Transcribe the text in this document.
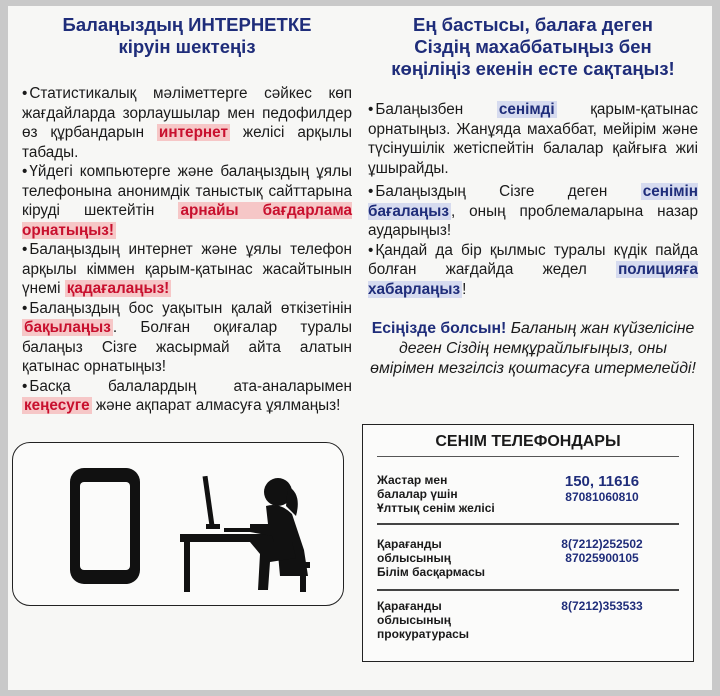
Балаңыздың ИНТЕРНЕТКЕ
кіруін шектеңіз

• Статистикалық мәліметтерге сәйкес көп жағдайларда зорлаушылар мен педофилдер өз құрбандарын интернет желісі арқылы табады.

• Үйдегі компьютерге және балаңыздың ұялы телефонына анонимдік таныстық сайттарына кіруді шектейтін арнайы бағдарлама орнатыңыз!

• Балаңыздың интернет және ұялы телефон арқылы кіммен қарым-қатынас жасайтынын үнемі қадағалаңыз!

• Балаңыздың бос уақытын қалай өткізетінін бақылаңыз . Болған оқиғалар туралы балаңыз Сізге жасырмай айта алатын қатынас орнатыңыз!

• Басқа балалардың ата-аналарымен кеңесуге және ақпарат алмасуға ұялмаңыз!

Ең бастысы, балаға деген
Сіздің махаббатыңыз бен
көңіліңіз екенін есте сақтаңыз!

• Балаңызбен сенімді қарым-қатынас орнатыңыз. Жанұяда махаббат, мейірім және түсінушілік жетіспейтін балалар қайғыға жиі ұшырайды.

• Балаңыздың Сізге деген сенімін бағалаңыз , оның проблемаларына назар аударыңыз!

• Қандай да бір қылмыс туралы күдік пайда болған жағдайда жедел полицияға хабарлаңыз !

Есіңізде болсын! Баланың жан күйзелісіне деген Сіздің немқұрайлығыңыз, оны өмірімен мезгілсіз қоштасуға итермелейді!
СЕНІМ ТЕЛЕФОНДАРЫ
Жастар мен
балалар үшін
Ұлттық сенім желісі
150, 11616
87081060810
Қарағанды
облысының
Білім басқармасы
8(7212)252502
87025900105
Қарағанды
облысының
прокуратурасы
8(7212)353533
